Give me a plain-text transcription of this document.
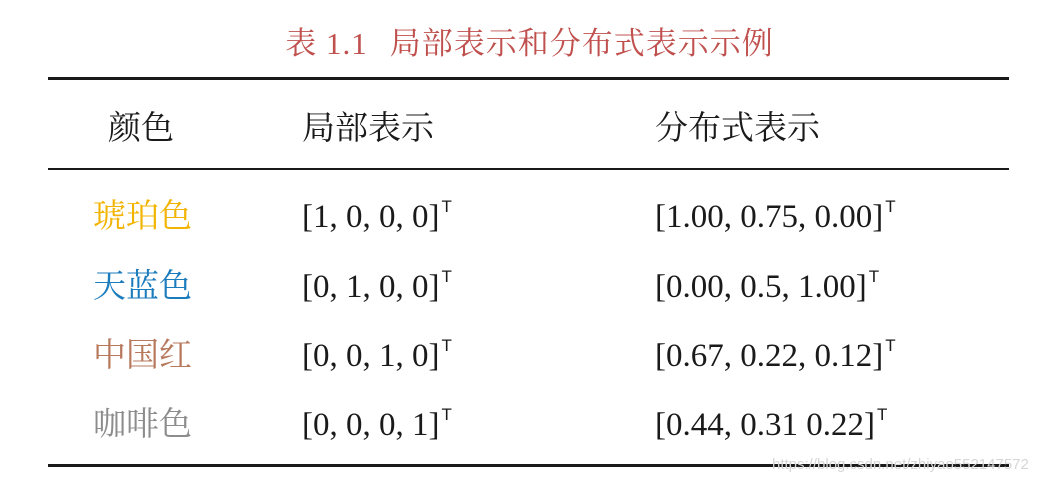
表 1.1 局部表示和分布式表示示例
颜色	局部表示	分布式表示
琥珀色	[1, 0, 0, 0] $^T$	[1.00, 0.75, 0.00] $^T$
天蓝色	[0, 1, 0, 0] $^T$	[0.00, 0.5, 1.00] $^T$
中国红	[0, 0, 1, 0] $^T$	[0.67, 0.22, 0.12] $^T$
咖啡色	[0, 0, 0, 1] $^T$	[0.44, 0.31 0.22] $^T$
https://blog.csdn.net/zhiyao552147572
